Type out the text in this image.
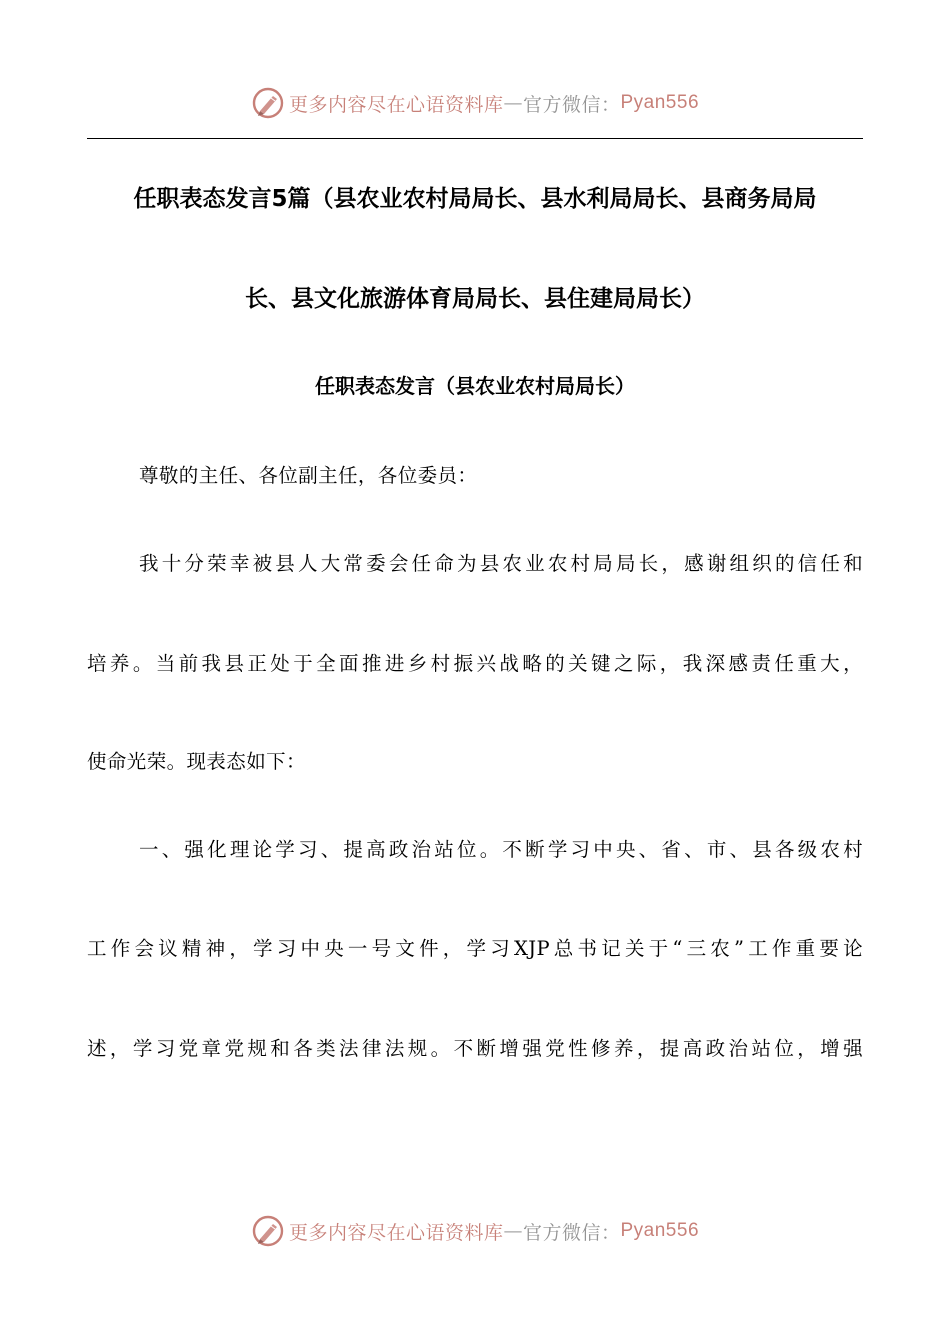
更多内容尽在心语资料库 — 官方微信： Pyan556
任职表态发言5篇（县农业农村局局长、县水利局局长、县商务局局
长、县文化旅游体育局局长、县住建局局长）
任职表态发言（县农业农村局局长）
尊敬的主任、各位副主任，各位委员：
我十分荣幸被县人大常委会任命为县农业农村局局长，感谢组织的信任和
培养。当前我县正处于全面推进乡村振兴战略的关键之际，我深感责任重大，
使命光荣。现表态如下：
一、强化理论学习、提高政治站位。不断学习中央、省、市、县各级农村
工作会议精神，学习中央一号文件，学习XJP总书记关于“三农”工作重要论
述，学习党章党规和各类法律法规。不断增强党性修养，提高政治站位，增强
更多内容尽在心语资料库 — 官方微信： Pyan556
